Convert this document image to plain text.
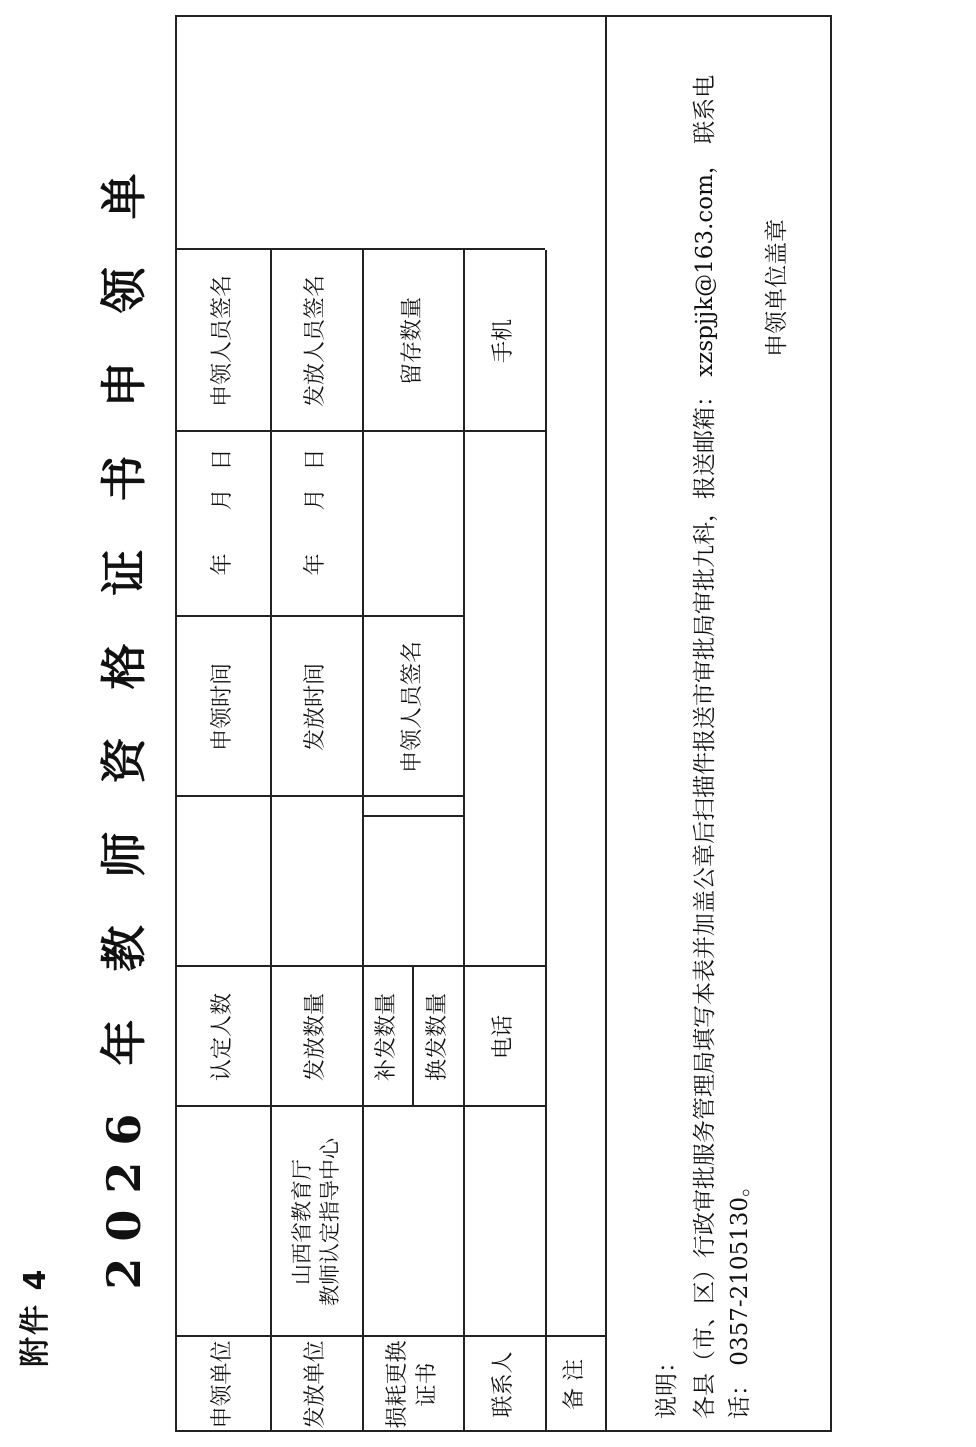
附件 4
2026 年 教 师 资 格 证 书 申 领 单
申领单位
认定人数
申领时间
年
月
日
申领人员签名
发放单位
山西省教育厅
教师认定指导中心
发放数量
发放时间
年
月
日
发放人员签名
损耗更换
证书
补发数量	换发数量
申领人员签名
留存数量
联系人
电话
手机
备 注	说明： 各县（市、区）行政审批服务管理局填写本表并加盖公章后扫描件报送市审批局审批九科，报送邮箱： xzspjjk@163.com， 联系电话： 0357-2105130。
申领单位盖章
